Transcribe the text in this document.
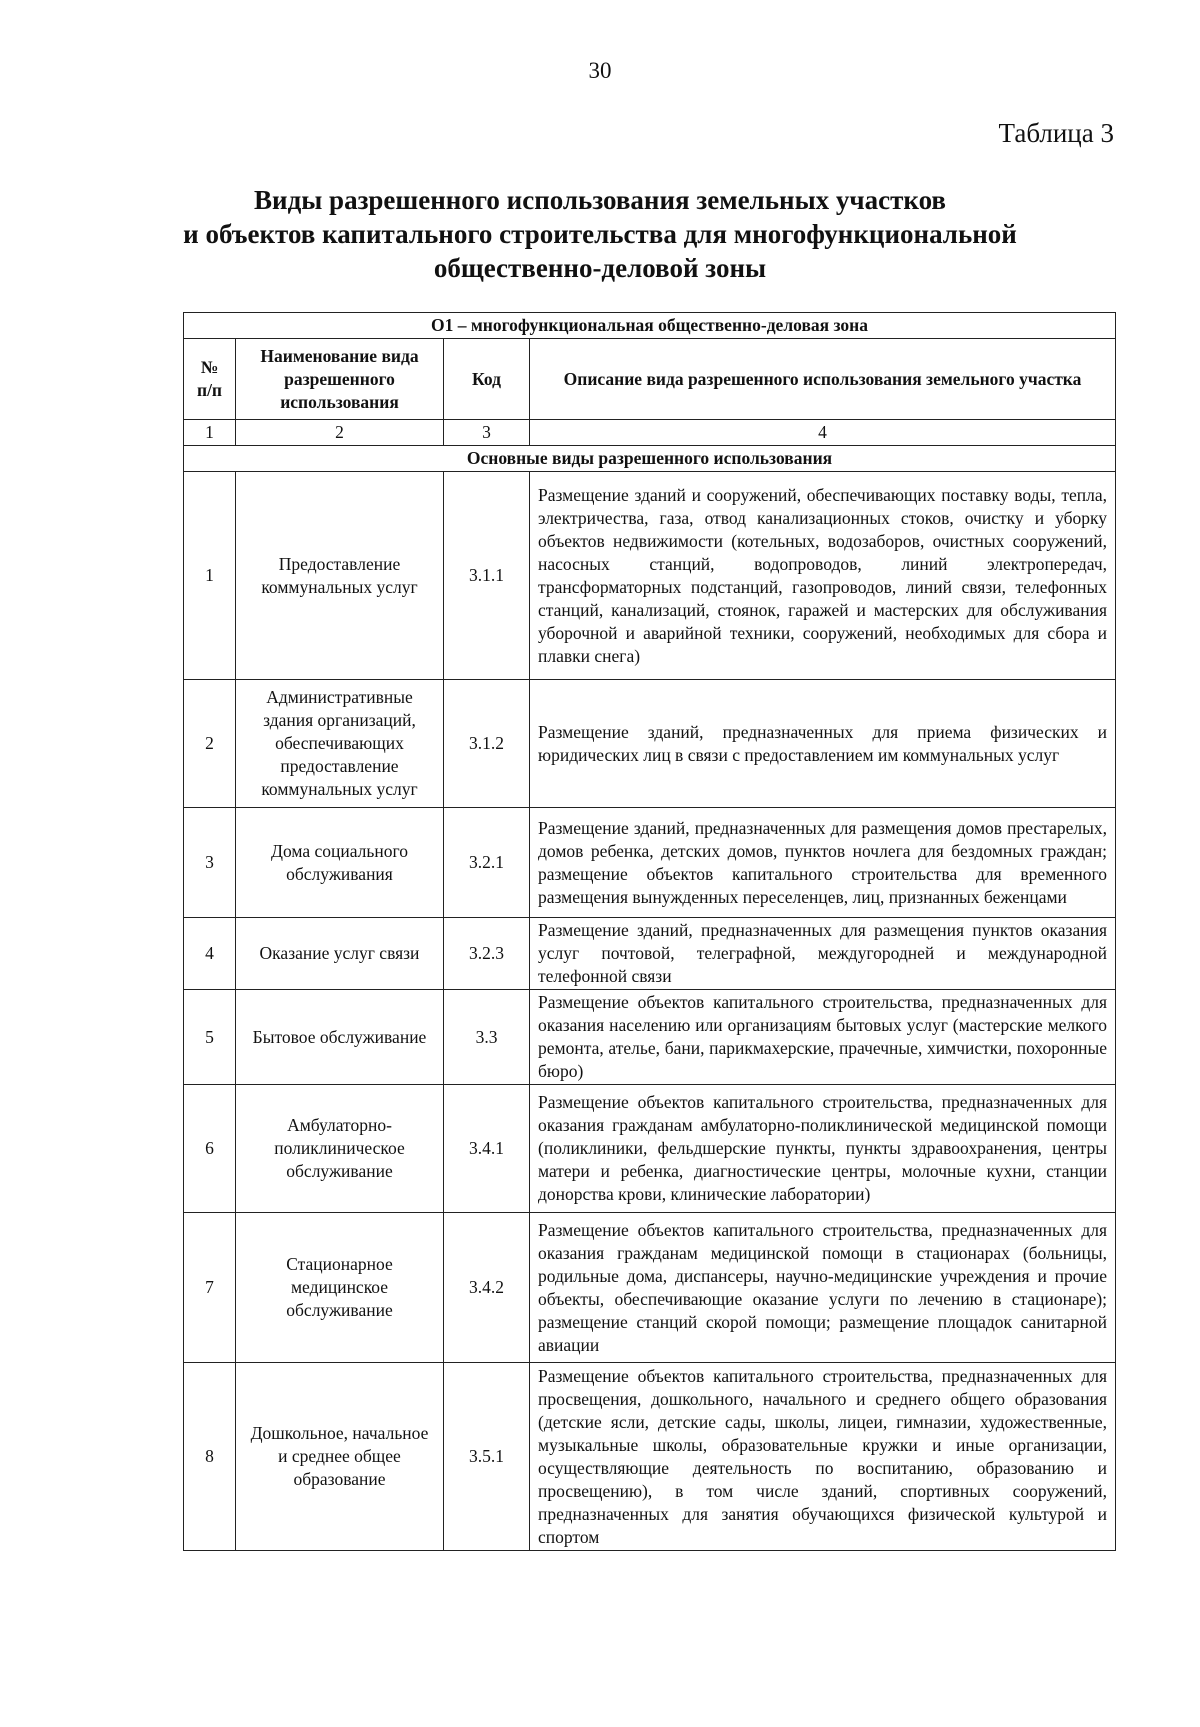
30
Таблица 3
Виды разрешенного использования земельных участков
и объектов капитального строительства для многофункциональной
общественно-деловой зоны
О1 – многофункциональная общественно-деловая зона			
№ п/п	Наименование вида разрешенного использования	Код	Описание вида разрешенного использования земельного участка
1	2	3	4
Основные виды разрешенного использования			
1	Предоставление коммунальных услуг	3.1.1	Размещение зданий и сооружений, обеспечивающих поставку воды, тепла, электричества, газа, отвод канализационных стоков, очистку и уборку объектов недвижимости (котельных, водозаборов, очистных сооружений, насосных станций, водопроводов, линий электропередач, трансформаторных подстанций, газопроводов, линий связи, телефонных станций, канализаций, стоянок, гаражей и мастерских для обслуживания уборочной и аварийной техники, сооружений, необходимых для сбора и плавки снега)
2	Административные здания организаций, обеспечивающих предоставление коммунальных услуг	3.1.2	Размещение зданий, предназначенных для приема физических и юридических лиц в связи с предоставлением им коммунальных услуг
3	Дома социального обслуживания	3.2.1	Размещение зданий, предназначенных для размещения домов престарелых, домов ребенка, детских домов, пунктов ночлега для бездомных граждан; размещение объектов капитального строительства для временного размещения вынужденных переселенцев, лиц, признанных беженцами
4	Оказание услуг связи	3.2.3	Размещение зданий, предназначенных для размещения пунктов оказания услуг почтовой, телеграфной, междугородней и международной телефонной связи
5	Бытовое обслуживание	3.3	Размещение объектов капитального строительства, предназначенных для оказания населению или организациям бытовых услуг (мастерские мелкого ремонта, ателье, бани, парикмахерские, прачечные, химчистки, похоронные бюро)
6	Амбулаторно-поликлиническое обслуживание	3.4.1	Размещение объектов капитального строительства, предназначенных для оказания гражданам амбулаторно-поликлинической медицинской помощи (поликлиники, фельдшерские пункты, пункты здравоохранения, центры матери и ребенка, диагностические центры, молочные кухни, станции донорства крови, клинические лаборатории)
7	Стационарное медицинское обслуживание	3.4.2	Размещение объектов капитального строительства, предназначенных для оказания гражданам медицинской помощи в стационарах (больницы, родильные дома, диспансеры, научно-медицинские учреждения и прочие объекты, обеспечивающие оказание услуги по лечению в стационаре); размещение станций скорой помощи; размещение площадок санитарной авиации
8	Дошкольное, начальное и среднее общее образование	3.5.1	Размещение объектов капитального строительства, предназначенных для просвещения, дошкольного, начального и среднего общего образования (детские ясли, детские сады, школы, лицеи, гимназии, художественные, музыкальные школы, образовательные кружки и иные организации, осуществляющие деятельность по воспитанию, образованию и просвещению), в том числе зданий, спортивных сооружений, предназначенных для занятия обучающихся физической культурой и спортом
